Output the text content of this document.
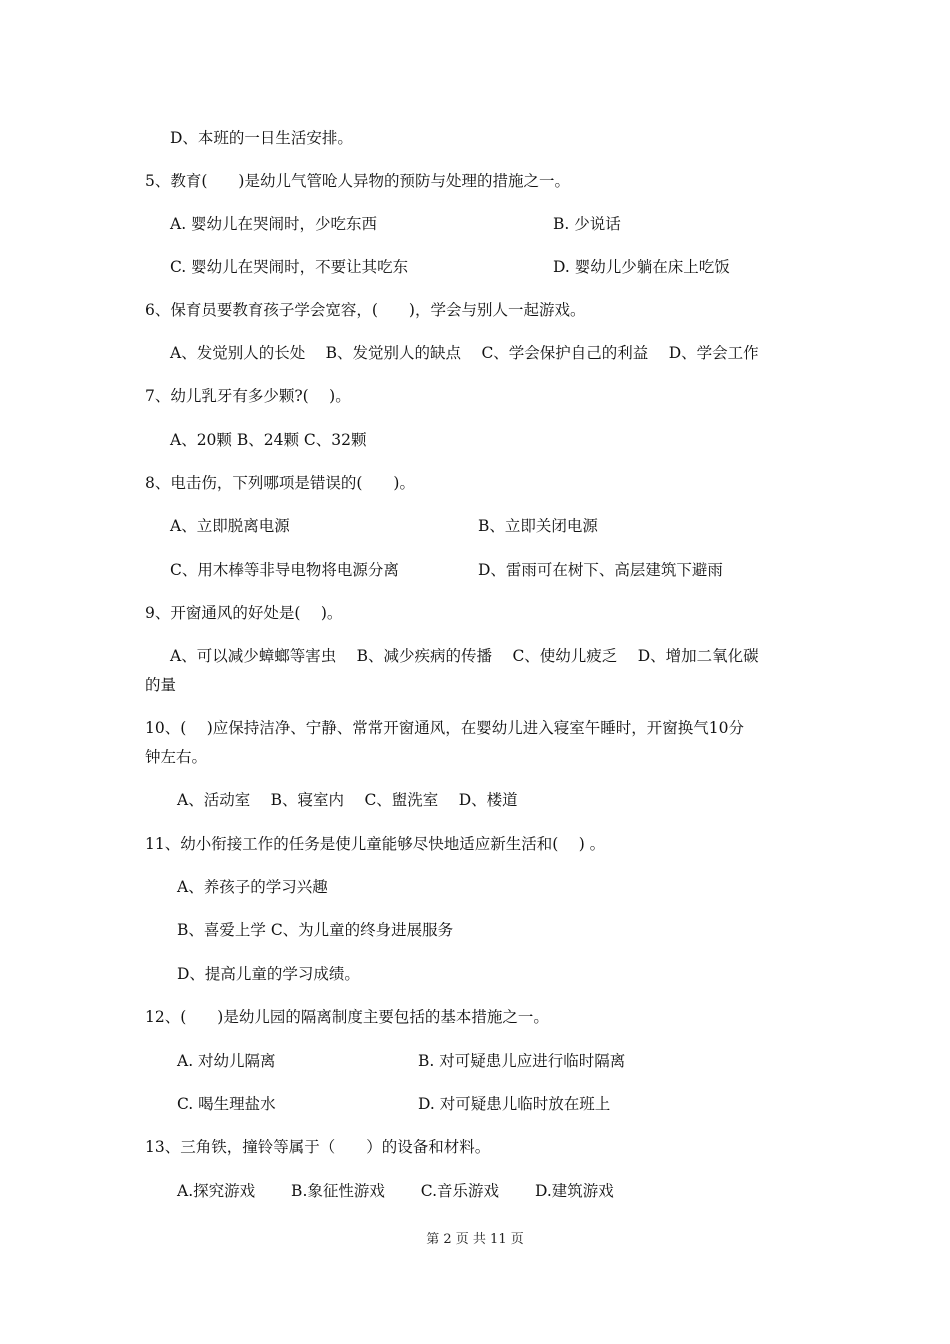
D、本班的一日生活安排。
5、教育(　　)是幼儿气管呛人异物的预防与处理的措施之一。
A. 婴幼儿在哭闹时，少吃东西	B. 少说话
C. 婴幼儿在哭闹时，不要让其吃东	D. 婴幼儿少躺在床上吃饭
6、保育员要教育孩子学会宽容，(　　)，学会与别人一起游戏。
A、发觉别人的长处　 B、发觉别人的缺点　 C、学会保护自己的利益　 D、学会工作
7、幼儿乳牙有多少颗?(　 )。
A、20颗 B、24颗 C、32颗
8、电击伤，下列哪项是错误的(　　)。
A、立即脱离电源	B、立即关闭电源
C、用木棒等非导电物将电源分离	D、雷雨可在树下、高层建筑下避雨
9、开窗通风的好处是(　 )。
A、可以减少蟑螂等害虫　 B、减少疾病的传播　 C、使幼儿疲乏　 D、增加二氧化碳
的量
10、(　 )应保持洁净、宁静、常常开窗通风，在婴幼儿进入寝室午睡时，开窗换气10分
钟左右。
A、活动室　 B、寝室内　 C、盥洗室　 D、楼道
11、幼小衔接工作的任务是使儿童能够尽快地适应新生活和(　 ) 。
A、养孩子的学习兴趣
B、喜爱上学 C、为儿童的终身进展服务
D、提高儿童的学习成绩。
12、(　　)是幼儿园的隔离制度主要包括的基本措施之一。
A. 对幼儿隔离	B. 对可疑患儿应进行临时隔离
C. 喝生理盐水	D. 对可疑患儿临时放在班上
13、三角铁，撞铃等属于（　　）的设备和材料。
A.探究游戏　　 B.象征性游戏　　 C.音乐游戏　　 D.建筑游戏
第 2 页 共 11 页
